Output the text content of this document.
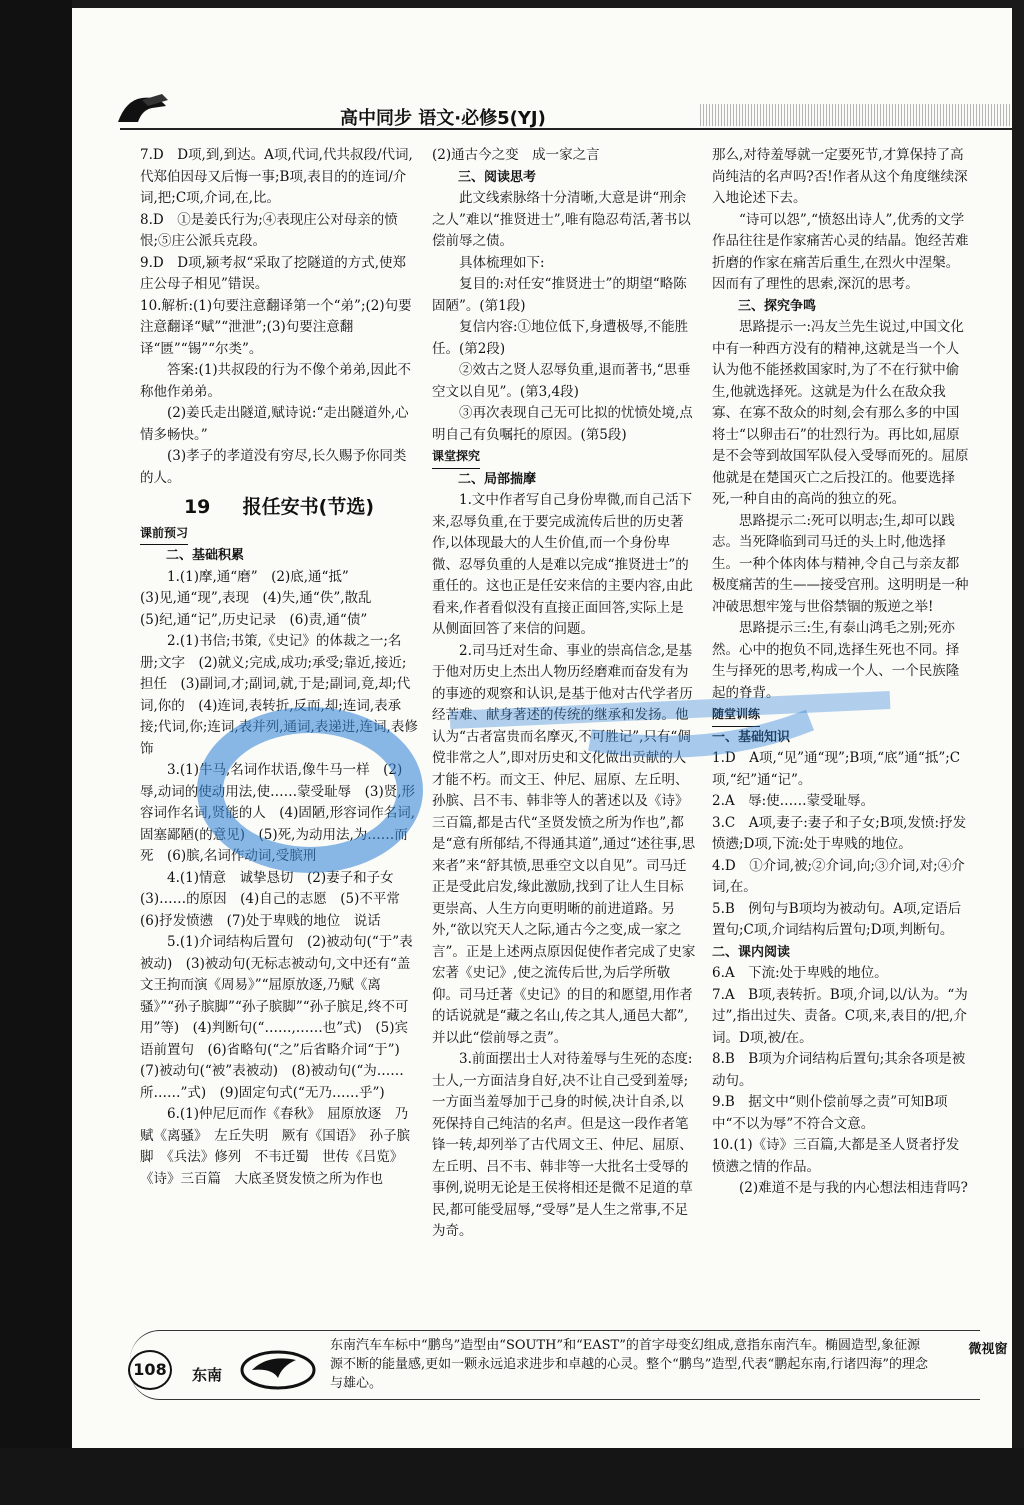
高中同步 语文·必修5(YJ)

7.D　D项,到,到达。A项,代词,代共叔段/代词,代郑伯因母又后悔一事;B项,表目的的连词/介词,把;C项,介词,在,比。

8.D　①是姜氏行为;④表现庄公对母亲的愤恨;⑤庄公派兵克段。

9.D　D项,颍考叔“采取了挖隧道的方式,使郑庄公母子相见”错误。

10.解析:(1)句要注意翻译第一个“弟”;(2)句要注意翻译“赋”“泄泄”;(3)句要注意翻译“匮”“锡”“尔类”。

答案:(1)共叔段的行为不像个弟弟,因此不称他作弟弟。

(2)姜氏走出隧道,赋诗说:“走出隧道外,心情多畅快。”

(3)孝子的孝道没有穷尽,长久赐予你同类的人。

19 　 报任安书(节选)

课前预习

二、基础积累

1.(1)摩,通“磨”　(2)底,通“抵”

(3)见,通“现”,表现　(4)失,通“佚”,散乱

(5)纪,通“记”,历史记录　(6)责,通“债”

2.(1)书信;书策,《史记》的体裁之一;名册;文字　(2)就义;完成,成功;承受;靠近,接近;担任　(3)副词,才;副词,就,于是;副词,竟,却;代词,你的　(4)连词,表转折,反而,却;连词,表承接;代词,你;连词,表并列,通词,表递进,连词,表修饰

3.(1)牛马,名词作状语,像牛马一样　(2)辱,动词的使动用法,使……蒙受耻辱　(3)贤,形容词作名词,贤能的人　(4)固陋,形容词作名词,固塞鄙陋(的意见)　(5)死,为动用法,为……而死　(6)膑,名词作动词,受膑刑

4.(1)情意　诚挚恳切　(2)妻子和子女　(3)……的原因　(4)自己的志愿　(5)不平常　(6)抒发愤懑　(7)处于卑贱的地位　说话

5.(1)介词结构后置句　(2)被动句(“于”表被动)　(3)被动句(无标志被动句,文中还有“盖文王拘而演《周易》”“屈原放逐,乃赋《离骚》”“孙子膑脚”“孙子膑脚”“孙子膑足,终不可用”等)　(4)判断句(“……,……也”式)　(5)宾语前置句　(6)省略句(“之”后省略介词“于”)　(7)被动句(“被”表被动)　(8)被动句(“为……所……”式)　(9)固定句式(“无乃……乎”)

6.(1)仲尼厄而作《春秋》　屈原放逐　乃赋《离骚》　左丘失明　厥有《国语》　孙子膑脚　《兵法》修列　不韦迁蜀　世传《吕览》　《诗》三百篇　大底圣贤发愤之所为作也

(2)通古今之变　成一家之言

三、阅读思考

此文线索脉络十分清晰,大意是讲“刑余之人”难以“推贤进士”,唯有隐忍苟活,著书以偿前辱之债。

具体梳理如下:

复目的:对任安“推贤进士”的期望“略陈固陋”。(第1段)

复信内容:①地位低下,身遭极辱,不能胜任。(第2段)

②效古之贤人忍辱负重,退而著书,“思垂空文以自见”。(第3,4段)

③再次表现自己无可比拟的忧愤处境,点明自己有负嘱托的原因。(第5段)

课堂探究

二、局部揣摩

1.文中作者写自己身份卑微,而自己活下来,忍辱负重,在于要完成流传后世的历史著作,以体现最大的人生价值,而一个身份卑微、忍辱负重的人是难以完成“推贤进士”的重任的。这也正是任安来信的主要内容,由此看来,作者看似没有直接正面回答,实际上是从侧面回答了来信的问题。

2.司马迁对生命、事业的崇高信念,是基于他对历史上杰出人物历经磨难而奋发有为的事迹的观察和认识,是基于他对古代学者历经苦难、献身著述的传统的继承和发扬。他认为“古者富贵而名摩灭,不可胜记”,只有“倜傥非常之人”,即对历史和文化做出贡献的人才能不朽。而文王、仲尼、屈原、左丘明、孙膑、吕不韦、韩非等人的著述以及《诗》三百篇,都是古代“圣贤发愤之所为作也”,都是“意有所郁结,不得通其道”,通过“述往事,思来者”来“舒其愤,思垂空文以自见”。司马迁正是受此启发,缘此激励,找到了让人生目标更崇高、人生方向更明晰的前进道路。另外,“欲以究天人之际,通古今之变,成一家之言”。正是上述两点原因促使作者完成了史家宏著《史记》,使之流传后世,为后学所敬仰。司马迁著《史记》的目的和愿望,用作者的话说就是“藏之名山,传之其人,通邑大都”,并以此“偿前辱之责”。

3.前面摆出士人对待羞辱与生死的态度:士人,一方面洁身自好,决不让自己受到羞辱;一方面当羞辱加于己身的时候,决计自杀,以死保持自己纯洁的名声。但是这一段作者笔锋一转,却列举了古代周文王、仲尼、屈原、左丘明、吕不韦、韩非等一大批名士受辱的事例,说明无论是王侯将相还是微不足道的草民,都可能受屈辱,“受辱”是人生之常事,不足为奇。

那么,对待羞辱就一定要死节,才算保持了高尚纯洁的名声吗?否!作者从这个角度继续深入地论述下去。

“诗可以怨”,“愤怒出诗人”,优秀的文学作品往往是作家痛苦心灵的结晶。饱经苦难折磨的作家在痛苦后重生,在烈火中涅槃。因而有了理性的思索,深沉的思考。

三、探究争鸣

思路提示一:冯友兰先生说过,中国文化中有一种西方没有的精神,这就是当一个人认为他不能拯救国家时,为了不在行狱中偷生,他就选择死。这就是为什么在敌众我寡、在寡不敌众的时刻,会有那么多的中国将士“以卵击石”的壮烈行为。再比如,屈原是不会等到故国军队侵入受辱而死的。屈原他就是在楚国灭亡之后投江的。他要选择死,一种自由的高尚的独立的死。

思路提示二:死可以明志;生,却可以践志。当死降临到司马迁的头上时,他选择生。一种个体肉体与精神,令自己与亲友都极度痛苦的生——接受宫刑。这明明是一种冲破思想牢笼与世俗禁锢的叛逆之举!

思路提示三:生,有泰山鸿毛之别;死亦然。心中的抱负不同,选择生死也不同。择生与择死的思考,构成一个人、一个民族隆起的脊背。

随堂训练

一、基础知识

1.D　A项,“见”通“现”;B项,“底”通“抵”;C项,“纪”通“记”。

2.A　辱:使……蒙受耻辱。

3.C　A项,妻子:妻子和子女;B项,发愤:抒发愤懑;D项,下流:处于卑贱的地位。

4.D　①介词,被;②介词,向;③介词,对;④介词,在。

5.B　例句与B项均为被动句。A项,定语后置句;C项,介词结构后置句;D项,判断句。

二、课内阅读

6.A　下流:处于卑贱的地位。

7.A　B项,表转折。B项,介词,以/认为。“为过”,指出过失、责备。C项,来,表目的/把,介词。D项,被/在。

8.B　B项为介词结构后置句;其余各项是被动句。

9.B　据文中“则仆偿前辱之责”可知B项中“不以为辱”不符合文意。

10.(1)《诗》三百篇,大都是圣人贤者抒发愤懑之情的作品。

(2)难道不是与我的内心想法相违背吗?

108	东南
东南汽车车标中“鹏鸟”造型由“SOUTH”和“EAST”的首字母变幻组成,意指东南汽车。椭圆造型,象征源源不断的能量感,更如一颗永远追求进步和卓越的心灵。整个“鹏鸟”造型,代表“鹏起东南,行诸四海”的理念与雄心。
微视窗
